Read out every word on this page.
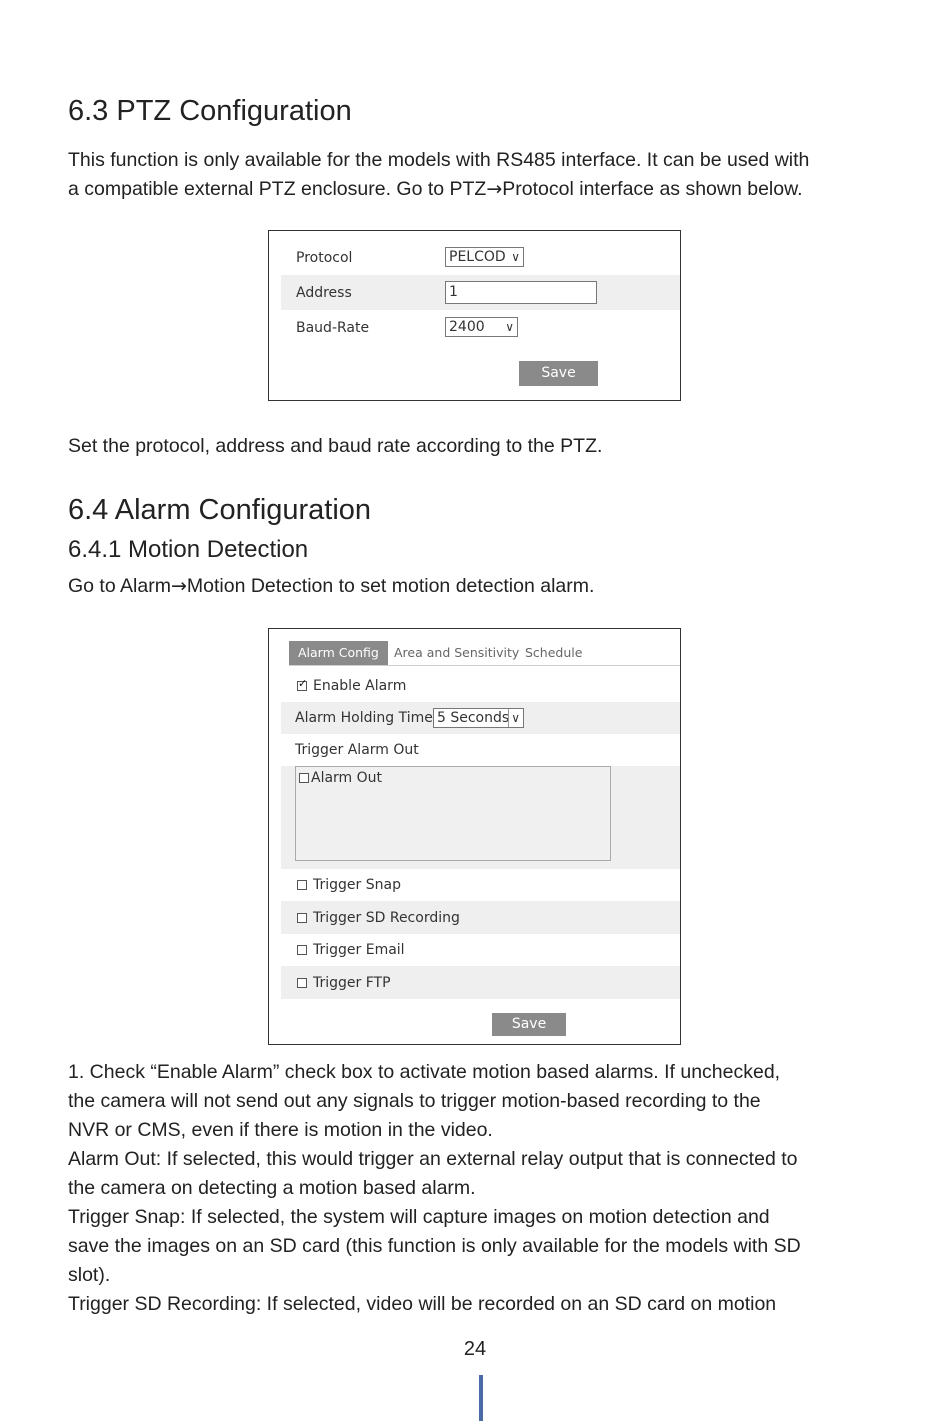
6.3 PTZ Configuration
This function is only available for the models with RS485 interface. It can be used with
a compatible external PTZ enclosure. Go to PTZ→Protocol interface as shown below.
Protocol	PELCOD ∨
Address	1
Baud-Rate	2400 ∨
Save
Set the protocol, address and baud rate according to the PTZ.
6.4 Alarm Configuration
6.4.1 Motion Detection
Go to Alarm→Motion Detection to set motion detection alarm.
Alarm Config	Area and Sensitivity Schedule
✓Enable Alarm
Alarm Holding Time 5 Seconds ∨
Trigger Alarm Out
Alarm Out
Trigger Snap
Trigger SD Recording
Trigger Email
Trigger FTP
Save
1. Check “Enable Alarm” check box to activate motion based alarms. If unchecked,
the camera will not send out any signals to trigger motion-based recording to the
NVR or CMS, even if there is motion in the video.
Alarm Out: If selected, this would trigger an external relay output that is connected to
the camera on detecting a motion based alarm.
Trigger Snap: If selected, the system will capture images on motion detection and
save the images on an SD card (this function is only available for the models with SD
slot).
Trigger SD Recording: If selected, video will be recorded on an SD card on motion
24
